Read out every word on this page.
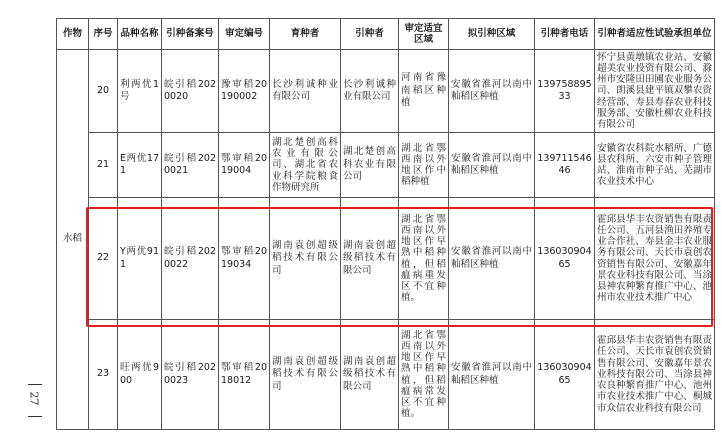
作物	序号	品种名称	引种备案号	审定编号	育种者	引种者	审定适宜区域	拟引种区域	引种者电话	引种者适应性试验承担单位
水稻	20	利两优1号	皖引稻2020020	豫审稻20190002	长沙利诚种业有限公司	长沙利诚种业有限公司	河南省豫南稻区种植	安徽省淮河以南中籼稻区种植	13975889533	怀宁县黄墩镇农业站、安徽超美农业投资有限公司、滁州市安隆田田圃农业服务公司、朗溪县建平镇双攀农资经营部、寿县寿春农业科技服务部、安徽杜柳农业科技有限公司
	21	E两优171	皖引稻2020021	鄂审稻2019004	湖北楚创高科农业有限公司、湖北省农业科学院粮食作物研究所	湖北楚创高科农业有限公司	湖北省鄂西南以外地区作中稻种植	安徽省淮河以南中籼稻区种植	13971154646	安徽省农科院水稻所、广德县农科所、六安市种子管理站、淮南市种子站、芜湖市农业技术中心
	22	Y两优911	皖引稻2020022	鄂审稻2019034	湖南袁创超级稻技术有限公司	湖南袁创超级稻技术有限公司	湖北省鄂西南以外地区作早熟中稻种植，但稻瘟病重发区不宜种植。	安徽省淮河以南中籼稻区种植	13603090465	霍邱县华丰农资销售有限责任公司、五河县渔田养殖专业合作社、寿县金丰农业服务有限公司、天长市袁创农资销售有限公司、安徽嘉年景农业科技有限公司、当涂县神农种繁育推广中心、池州市农业技术推广中心
	23	旺两优900	皖引稻2020023	鄂审稻2018012	湖南袁创超级稻技术有限公司	湖南袁创超级稻技术有限公司	湖北省鄂西南以外地区作早熟中稻种植，但稻瘟病常发区不宜种植。	安徽省淮河以南中籼稻区种植	13603090465	霍邱县华丰农资销售有限责任公司、天长市袁创农资销售有限公司、安徽嘉年景农业科技有限公司、当涂县神农良种繁育推广中心、池州市农业技术推广中心、桐城市众信农业科技有限公司
27
